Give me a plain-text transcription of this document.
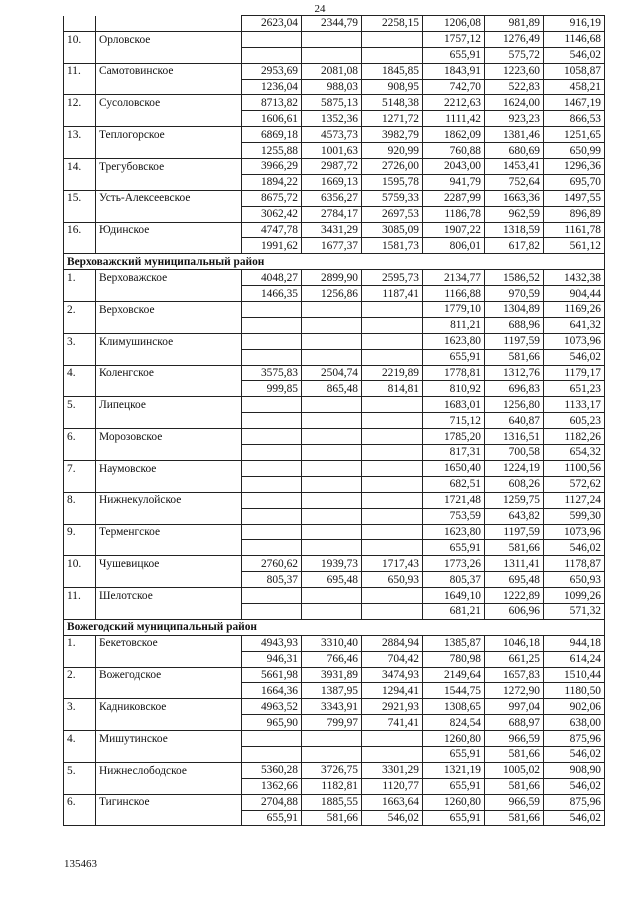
24
		2623,04	2344,79	2258,15	1206,08	981,89	916,19
10.	Орловское				1757,12	1276,49	1146,68
					655,91	575,72	546,02
11.	Самотовинское	2953,69	2081,08	1845,85	1843,91	1223,60	1058,87
		1236,04	988,03	908,95	742,70	522,83	458,21
12.	Сусоловское	8713,82	5875,13	5148,38	2212,63	1624,00	1467,19
		1606,61	1352,36	1271,72	1111,42	923,23	866,53
13.	Теплогорское	6869,18	4573,73	3982,79	1862,09	1381,46	1251,65
		1255,88	1001,63	920,99	760,88	680,69	650,99
14.	Трегубовское	3966,29	2987,72	2726,00	2043,00	1453,41	1296,36
		1894,22	1669,13	1595,78	941,79	752,64	695,70
15.	Усть-Алексеевское	8675,72	6356,27	5759,33	2287,99	1663,36	1497,55
		3062,42	2784,17	2697,53	1186,78	962,59	896,89
16.	Юдинское	4747,78	3431,29	3085,09	1907,22	1318,59	1161,78
		1991,62	1677,37	1581,73	806,01	617,82	561,12
Верховажский муниципальный район							
1.	Верховажское	4048,27	2899,90	2595,73	2134,77	1586,52	1432,38
		1466,35	1256,86	1187,41	1166,88	970,59	904,44
2.	Верховское				1779,10	1304,89	1169,26
					811,21	688,96	641,32
3.	Климушинское				1623,80	1197,59	1073,96
					655,91	581,66	546,02
4.	Коленгское	3575,83	2504,74	2219,89	1778,81	1312,76	1179,17
		999,85	865,48	814,81	810,92	696,83	651,23
5.	Липецкое				1683,01	1256,80	1133,17
					715,12	640,87	605,23
6.	Морозовское				1785,20	1316,51	1182,26
					817,31	700,58	654,32
7.	Наумовское				1650,40	1224,19	1100,56
					682,51	608,26	572,62
8.	Нижнекулойское				1721,48	1259,75	1127,24
					753,59	643,82	599,30
9.	Терменгское				1623,80	1197,59	1073,96
					655,91	581,66	546,02
10.	Чушевицкое	2760,62	1939,73	1717,43	1773,26	1311,41	1178,87
		805,37	695,48	650,93	805,37	695,48	650,93
11.	Шелотское				1649,10	1222,89	1099,26
					681,21	606,96	571,32
Вожегодский муниципальный район							
1.	Бекетовское	4943,93	3310,40	2884,94	1385,87	1046,18	944,18
		946,31	766,46	704,42	780,98	661,25	614,24
2.	Вожегодское	5661,98	3931,89	3474,93	2149,64	1657,83	1510,44
		1664,36	1387,95	1294,41	1544,75	1272,90	1180,50
3.	Кадниковское	4963,52	3343,91	2921,93	1308,65	997,04	902,06
		965,90	799,97	741,41	824,54	688,97	638,00
4.	Мишутинское				1260,80	966,59	875,96
					655,91	581,66	546,02
5.	Нижнеслободское	5360,28	3726,75	3301,29	1321,19	1005,02	908,90
		1362,66	1182,81	1120,77	655,91	581,66	546,02
6.	Тигинское	2704,88	1885,55	1663,64	1260,80	966,59	875,96
		655,91	581,66	546,02	655,91	581,66	546,02
135463
